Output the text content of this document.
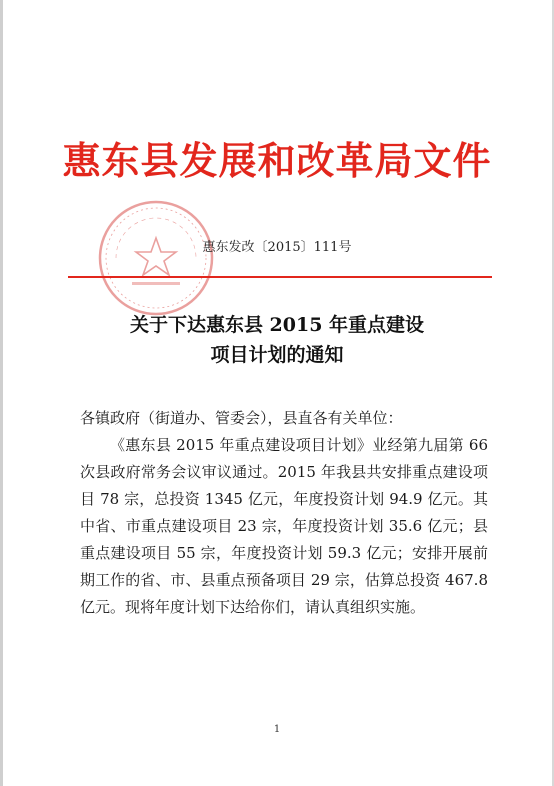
惠东县发展和改革局文件
惠东发改〔2015〕111号
关于下达惠东县 2015 年重点建设
项目计划的通知
各镇政府（街道办、管委会），县直各有关单位：

《惠东县 2015 年重点建设项目计划》业经第九届第 66 次县政府常务会议审议通过。2015 年我县共安排重点建设项目 78 宗，总投资 1345 亿元，年度投资计划 94.9 亿元。其中省、市重点建设项目 23 宗，年度投资计划 35.6 亿元；县重点建设项目 55 宗，年度投资计划 59.3 亿元；安排开展前期工作的省、市、县重点预备项目 29 宗，估算总投资 467.8 亿元。现将年度计划下达给你们，请认真组织实施。

1
